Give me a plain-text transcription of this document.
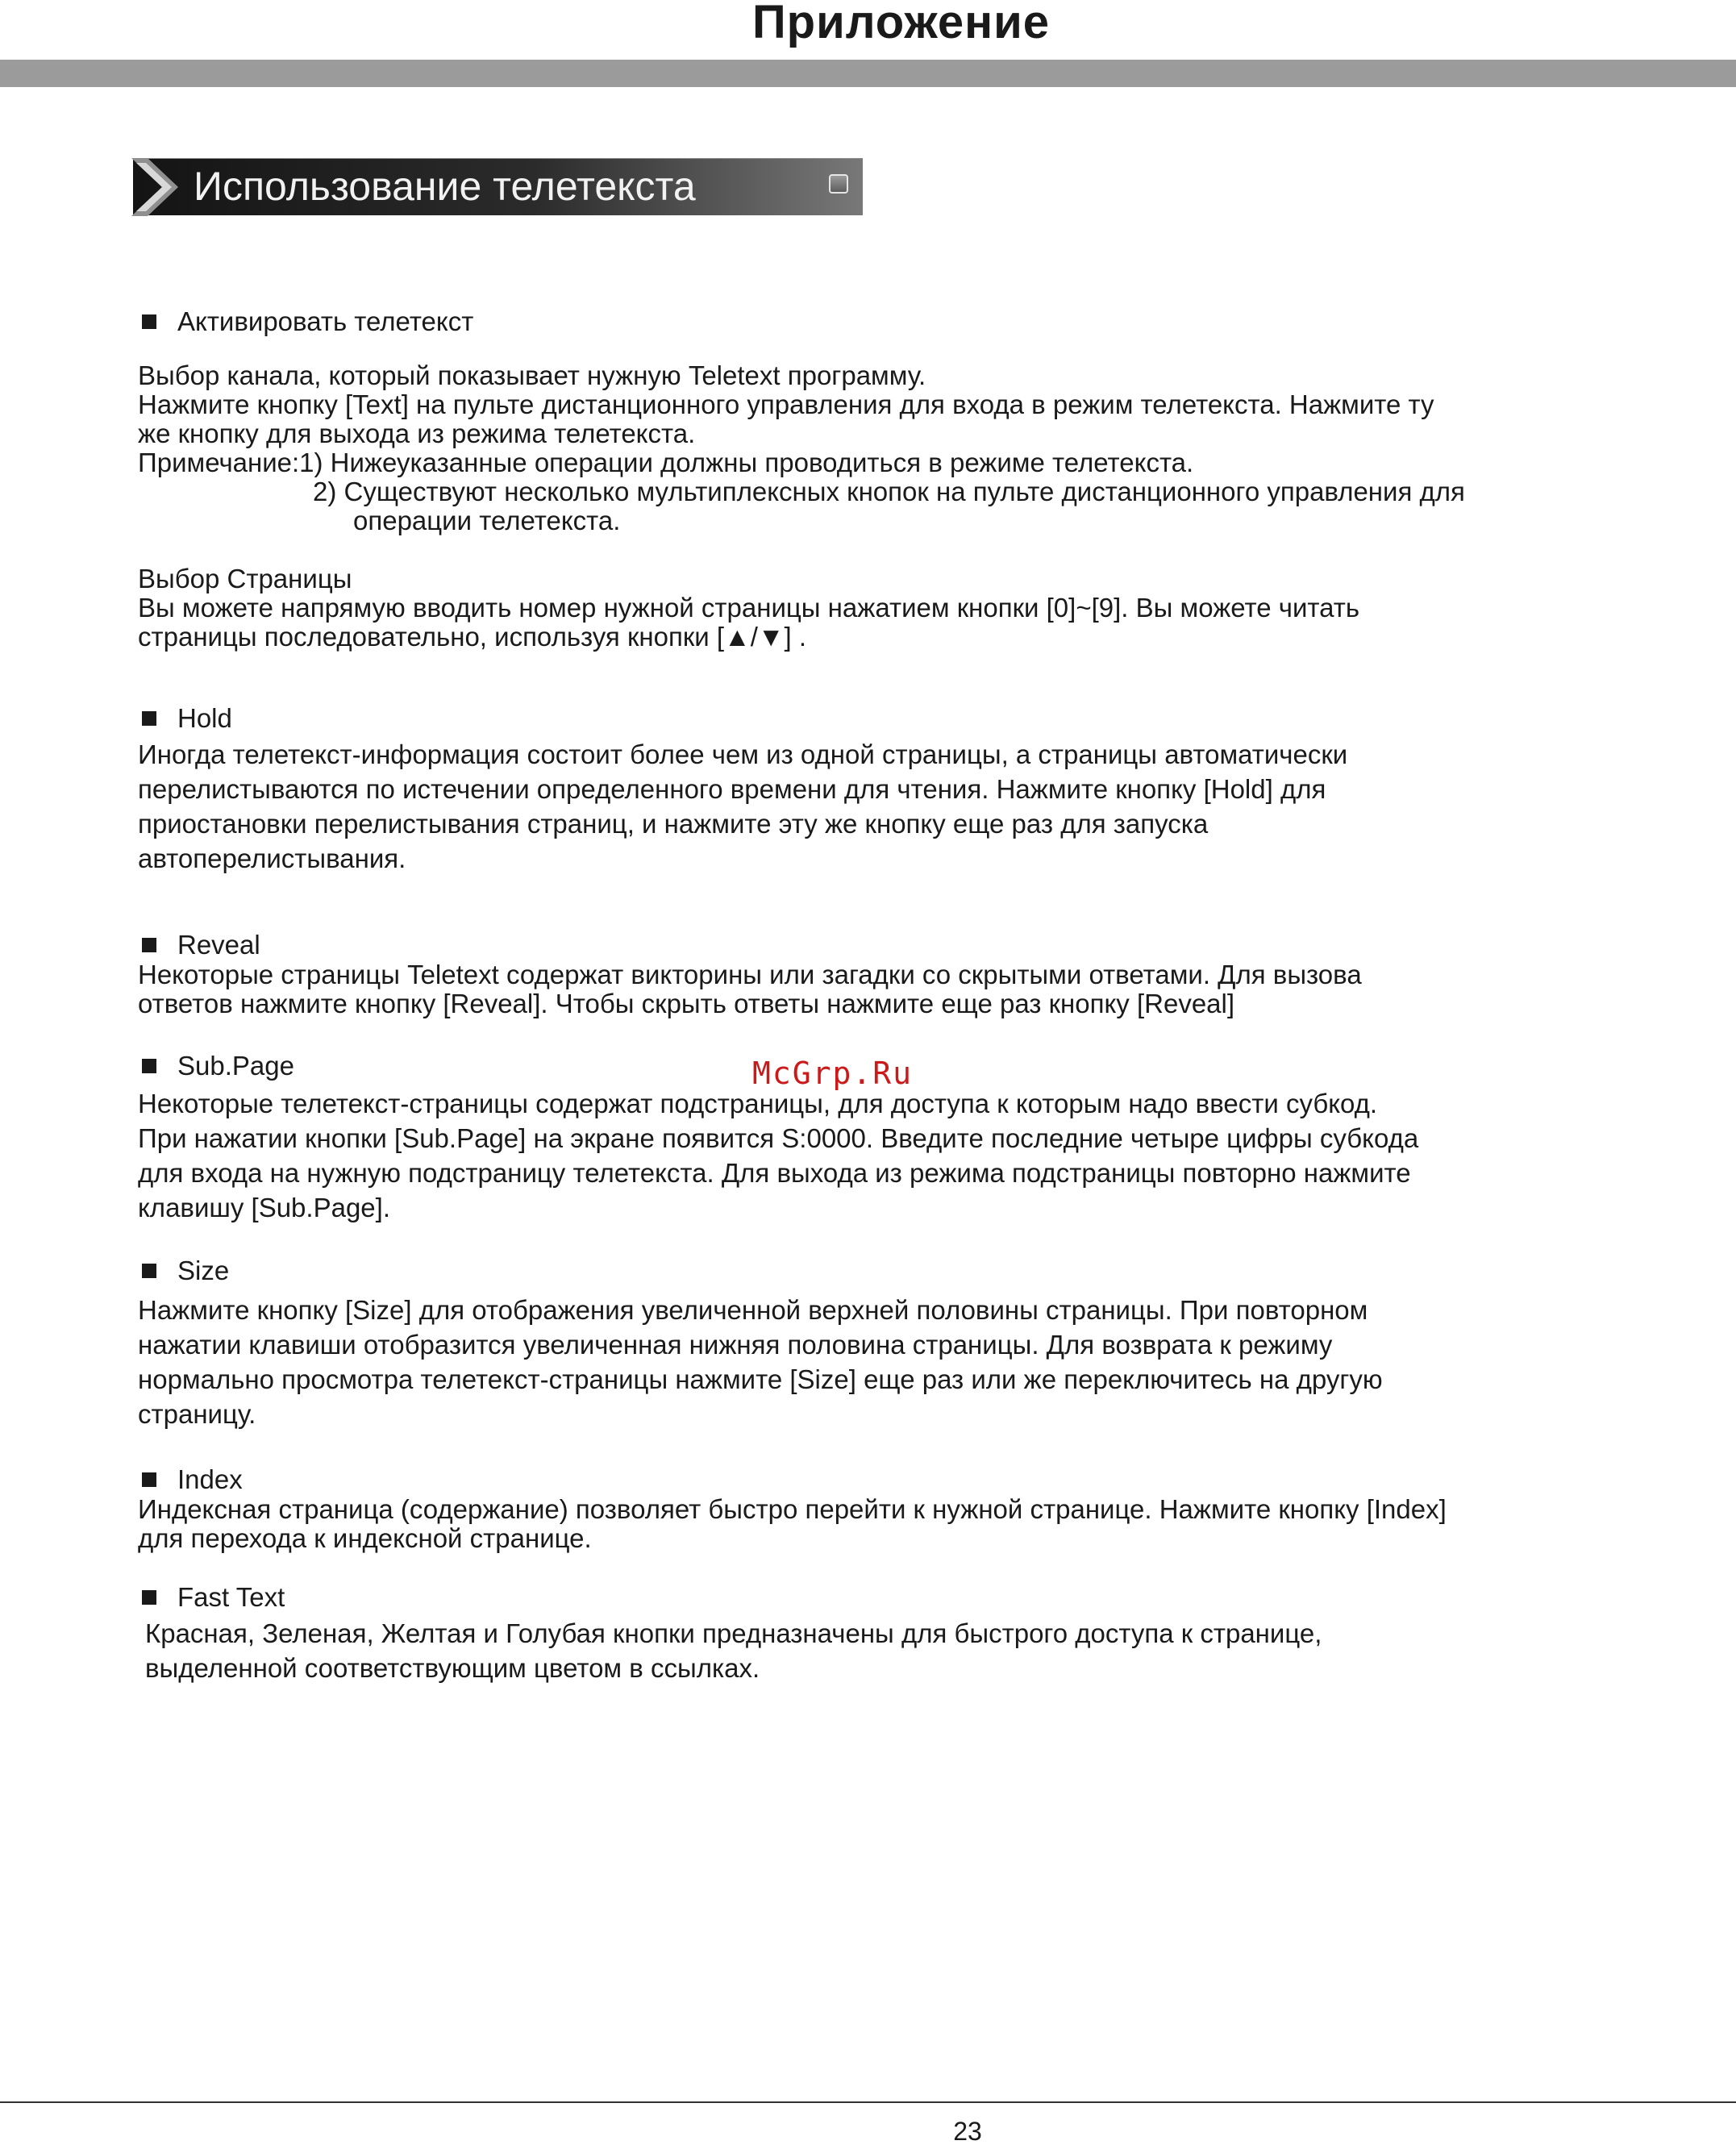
Приложение
Использование телетекста
McGrp.Ru
Активировать телетекст

Выбор канала, который показывает нужную Teletext программу.

Нажмите кнопку [Text] на пульте дистанционного управления для входа в режим телетекста. Нажмите ту

же кнопку для выхода из режима телетекста.

Примечание:1) Нижеуказанные операции должны проводиться в режиме телетекста.

2) Существуют несколько мультиплексных кнопок на пульте дистанционного управления для

операции телетекста.

Выбор Страницы

Вы можете напрямую вводить номер нужной страницы нажатием кнопки [0]~[9]. Вы можете читать

страницы последовательно, используя кнопки [▲/▼] .

Hold

Иногда телетекст-информация состоит более чем из одной страницы, а страницы автоматически

перелистываются по истечении определенного времени для чтения. Нажмите кнопку [Hold] для

приостановки перелистывания страниц, и нажмите эту же кнопку еще раз для запуска

автоперелистывания.

Reveal

Некоторые страницы Teletext содержат викторины или загадки со скрытыми ответами. Для вызова

ответов нажмите кнопку [Reveal]. Чтобы скрыть ответы нажмите еще раз кнопку [Reveal]

Sub.Page

Некоторые телетекст-страницы содержат подстраницы, для доступа к которым надо ввести субкод.

При нажатии кнопки [Sub.Page] на экране появится S:0000. Введите последние четыре цифры субкода

для входа на нужную подстраницу телетекста. Для выхода из режима подстраницы повторно нажмите

клавишу [Sub.Page].

Size

Нажмите кнопку [Size] для отображения увеличенной верхней половины страницы. При повторном

нажатии клавиши отобразится увеличенная нижняя половина страницы. Для возврата к режиму

нормально просмотра телетекст-страницы нажмите [Size] еще раз или же переключитесь на другую

страницу.

Index

Индексная страница (содержание) позволяет быстро перейти к нужной странице. Нажмите кнопку [Index]

для перехода к индексной странице.

Fast Text

Красная, Зеленая, Желтая и Голубая кнопки предназначены для быстрого доступа к странице,

выделенной соответствующим цветом в ссылках.

23
